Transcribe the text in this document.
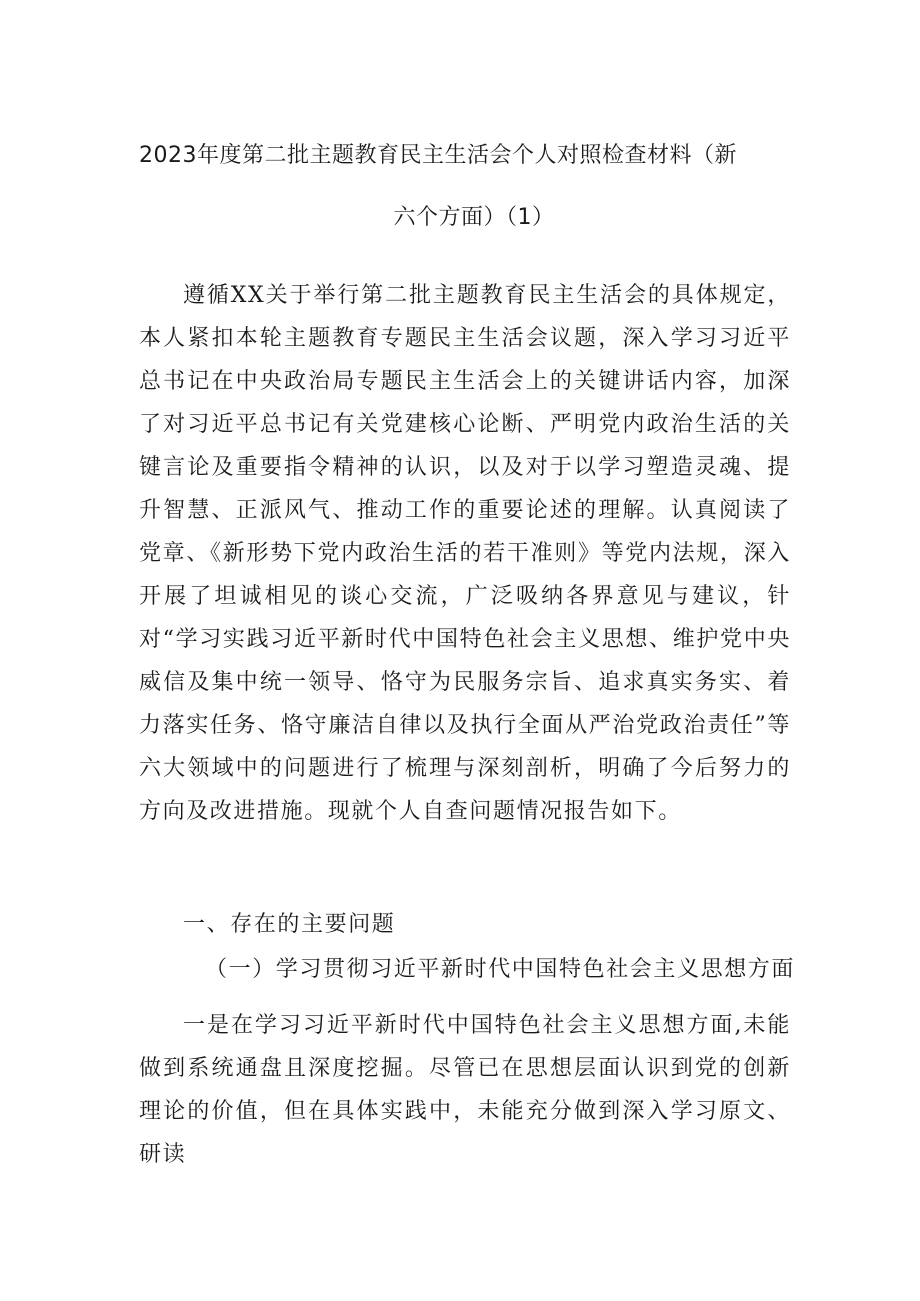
2023年度第二批主题教育民主生活会个人对照检查材料（新
六个方面）（1）
遵循XX关于举行第二批主题教育民主生活会的具体规定，本人紧扣本轮主题教育专题民主生活会议题，深入学习习近平总书记在中央政治局专题民主生活会上的关键讲话内容，加深了对习近平总书记有关党建核心论断、严明党内政治生活的关键言论及重要指令精神的认识，以及对于以学习塑造灵魂、提升智慧、正派风气、推动工作的重要论述的理解。认真阅读了党章、《新形势下党内政治生活的若干准则》等党内法规，深入开展了坦诚相见的谈心交流，广泛吸纳各界意见与建议，针对“学习实践习近平新时代中国特色社会主义思想、维护党中央威信及集中统一领导、恪守为民服务宗旨、追求真实务实、着力落实任务、恪守廉洁自律以及执行全面从严治党政治责任”等六大领域中的问题进行了梳理与深刻剖析，明确了今后努力的方向及改进措施。现就个人自查问题情况报告如下。
一、存在的主要问题
（一）学习贯彻习近平新时代中国特色社会主义思想方面
一是在学习习近平新时代中国特色社会主义思想方面,未能做到系统通盘且深度挖掘。尽管已在思想层面认识到党的创新理论的价值，但在具体实践中，未能充分做到深入学习原文、研读
